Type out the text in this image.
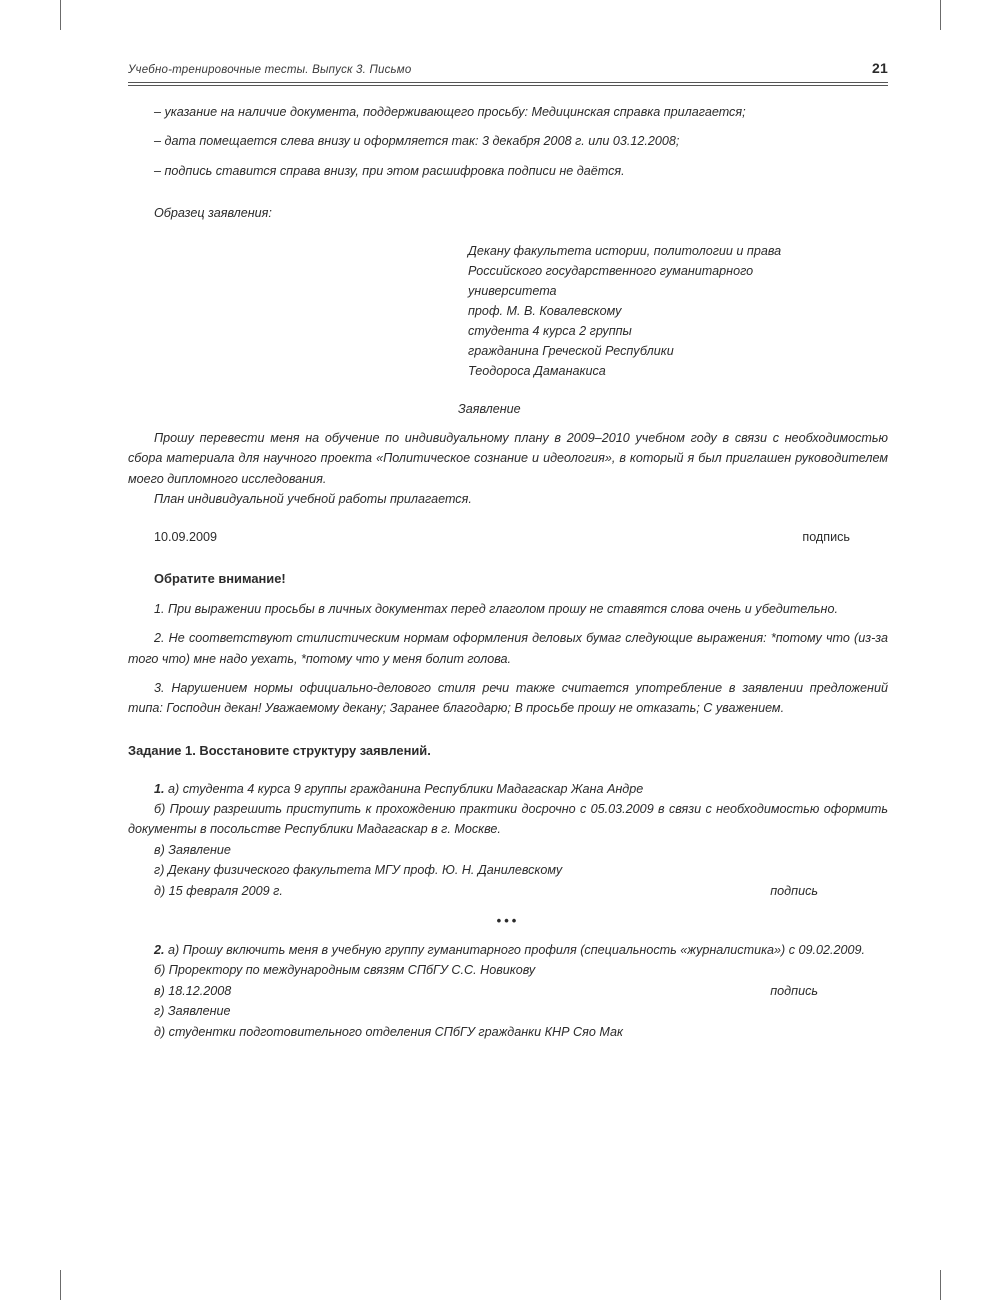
Учебно-тренировочные тесты. Выпуск 3. Письмо	21

– указание на наличие документа, поддерживающего просьбу: Медицинская справка прилагается;

– дата помещается слева внизу и оформляется так: 3 декабря 2008 г. или 03.12.2008;

– подпись ставится справа внизу, при этом расшифровка подписи не даётся.

Образец заявления:

Декану факультета истории, политологии и права

Российского государственного гуманитарного

университета

проф. М. В. Ковалевскому

студента 4 курса 2 группы

гражданина Греческой Республики

Теодороса Даманакиса

Заявление

Прошу перевести меня на обучение по индивидуальному плану в 2009–2010 учебном году в связи с необходимостью сбора материала для научного проекта «Политическое сознание и идеология», в который я был приглашен руководителем моего дипломного исследования.

План индивидуальной учебной работы прилагается.

10.09.2009	подпись

Обратите внимание!

1. При выражении просьбы в личных документах перед глаголом прошу не ставятся слова очень и убедительно.

2. Не соответствуют стилистическим нормам оформления деловых бумаг следующие выражения: *потому что (из-за того что) мне надо уехать, *потому что у меня болит голова.

3. Нарушением нормы официально-делового стиля речи также считается употребление в заявлении предложений типа: Господин декан! Уважаемому декану; Заранее благодарю; В просьбе прошу не отказать; С уважением.

Задание 1. Восстановите структуру заявлений.

1. а) студента 4 курса 9 группы гражданина Республики Мадагаскар Жана Андре

б) Прошу разрешить приступить к прохождению практики досрочно с 05.03.2009 в связи с необходимостью оформить документы в посольстве Республики Мадагаскар в г. Москве.

в) Заявление

г) Декану физического факультета МГУ проф. Ю. Н. Данилевскому

д) 15 февраля 2009 г.	подпись

•••

2. а) Прошу включить меня в учебную группу гуманитарного профиля (специальность «журналистика») с 09.02.2009.

б) Проректору по международным связям СПбГУ С.С. Новикову

в) 18.12.2008	подпись

г) Заявление

д) студентки подготовительного отделения СПбГУ гражданки КНР Сяо Мак
